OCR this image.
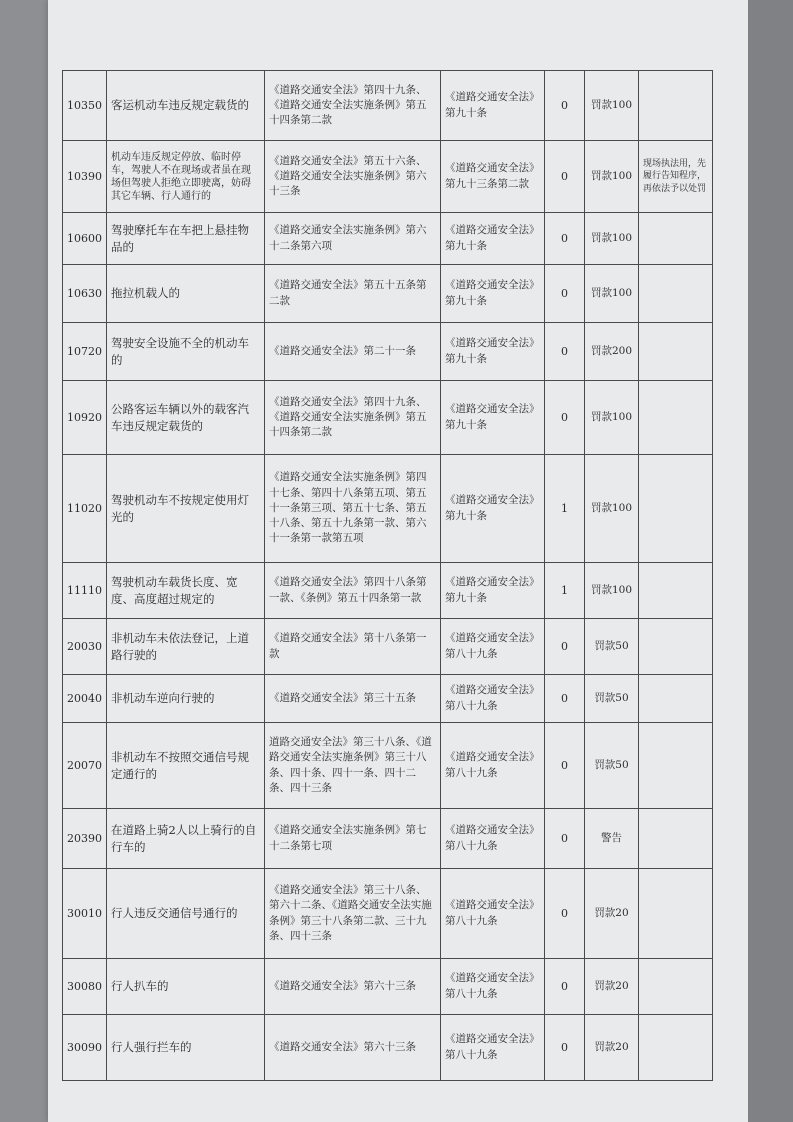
10350	客运机动车违反规定载货的	《道路交通安全法》第四十九条、《道路交通安全法实施条例》第五十四条第二款	《道路交通安全法》第九十条	0	罚款100	
10390	机动车违反规定停放、临时停车，驾驶人不在现场或者虽在现场但驾驶人拒绝立即驶离，妨碍其它车辆、行人通行的	《道路交通安全法》第五十六条、《道路交通安全法实施条例》第六十三条	《道路交通安全法》第九十三条第二款	0	罚款100	现场执法用，先履行告知程序，再依法予以处罚
10600	驾驶摩托车在车把上悬挂物品的	《道路交通安全法实施条例》第六十二条第六项	《道路交通安全法》第九十条	0	罚款100	
10630	拖拉机载人的	《道路交通安全法》第五十五条第二款	《道路交通安全法》第九十条	0	罚款100	
10720	驾驶安全设施不全的机动车的	《道路交通安全法》第二十一条	《道路交通安全法》第九十条	0	罚款200	
10920	公路客运车辆以外的载客汽车违反规定载货的	《道路交通安全法》第四十九条、《道路交通安全法实施条例》第五十四条第二款	《道路交通安全法》第九十条	0	罚款100	
11020	驾驶机动车不按规定使用灯光的	《道路交通安全法实施条例》第四十七条、第四十八条第五项、第五十一条第三项、第五十七条、第五十八条、第五十九条第一款、第六十一条第一款第五项	《道路交通安全法》第九十条	1	罚款100	
11110	驾驶机动车载货长度、宽度、高度超过规定的	《道路交通安全法》第四十八条第一款、《条例》第五十四条第一款	《道路交通安全法》第九十条	1	罚款100	
20030	非机动车未依法登记，上道路行驶的	《道路交通安全法》第十八条第一款	《道路交通安全法》第八十九条	0	罚款50	
20040	非机动车逆向行驶的	《道路交通安全法》第三十五条	《道路交通安全法》第八十九条	0	罚款50	
20070	非机动车不按照交通信号规定通行的	道路交通安全法》第三十八条、《道路交通安全法实施条例》第三十八条、四十条、四十一条、四十二条、四十三条	《道路交通安全法》第八十九条	0	罚款50	
20390	在道路上骑2人以上骑行的自行车的	《道路交通安全法实施条例》第七十二条第七项	《道路交通安全法》第八十九条	0	警告	
30010	行人违反交通信号通行的	《道路交通安全法》第三十八条、第六十二条、《道路交通安全法实施条例》第三十八条第二款、三十九条、四十三条	《道路交通安全法》第八十九条	0	罚款20	
30080	行人扒车的	《道路交通安全法》第六十三条	《道路交通安全法》第八十九条	0	罚款20	
30090	行人强行拦车的	《道路交通安全法》第六十三条	《道路交通安全法》第八十九条	0	罚款20	
